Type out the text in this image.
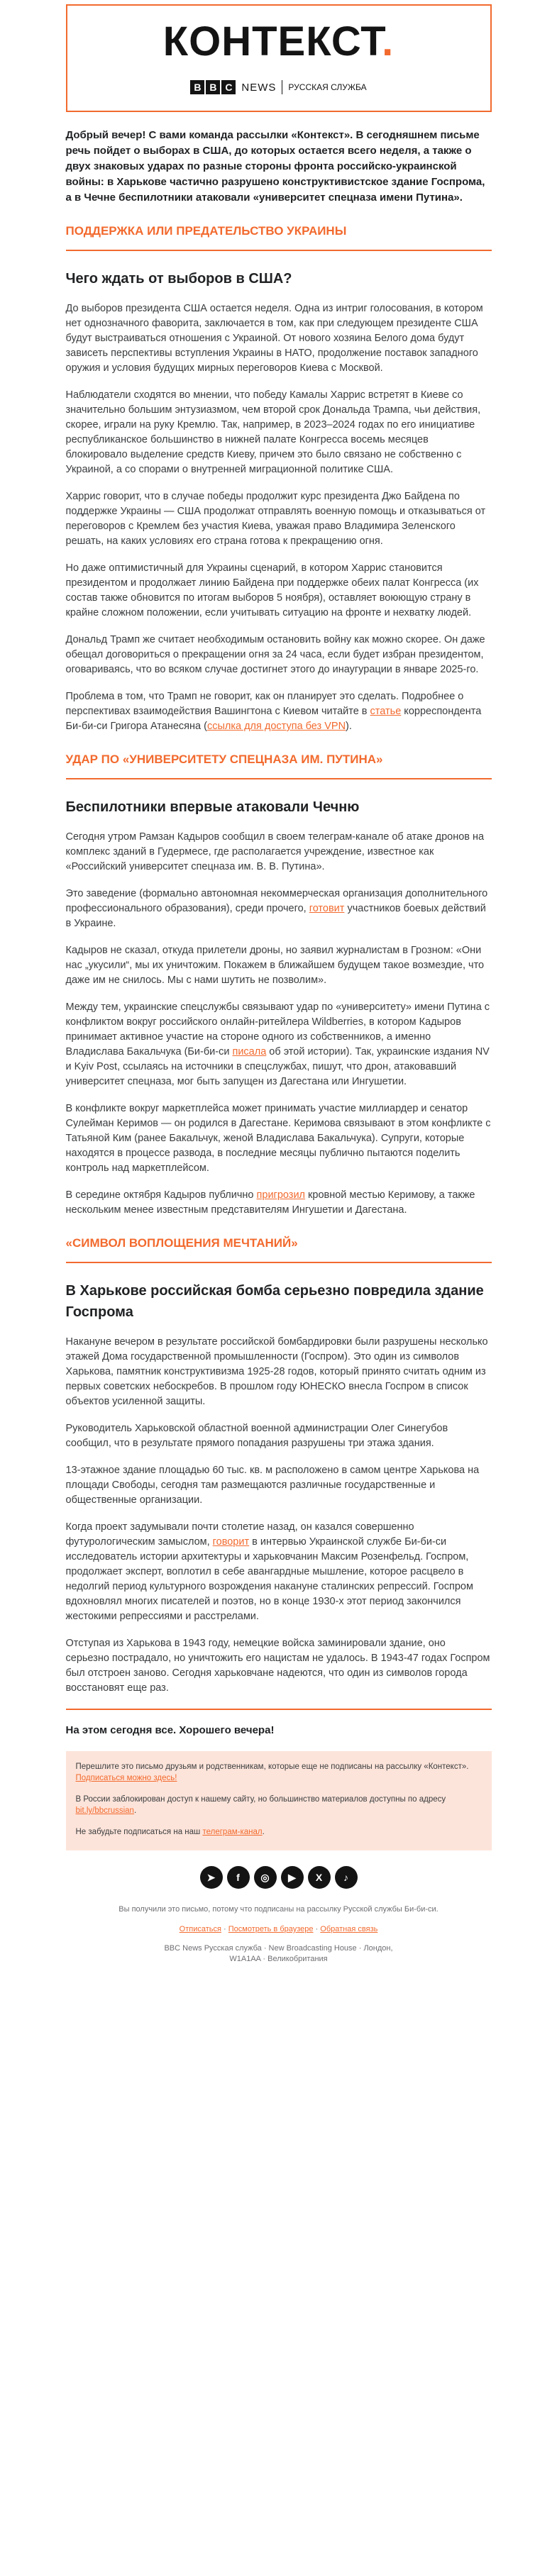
КОНТЕКСТ.
B B C NEWS РУССКАЯ СЛУЖБА

Добрый вечер! С вами команда рассылки «Контекст». В сегодняшнем письме речь пойдет о выборах в США, до которых остается всего неделя, а также о двух знаковых ударах по разные стороны фронта российско-украинской войны: в Харькове частично разрушено конструктивистское здание Госпрома, а в Чечне беспилотники атаковали «университет спецназа имени Путина».

ПОДДЕРЖКА ИЛИ ПРЕДАТЕЛЬСТВО УКРАИНЫ
Чего ждать от выборов в США?

До выборов президента США остается неделя. Одна из интриг голосования, в котором нет однозначного фаворита, заключается в том, как при следующем президенте США будут выстраиваться отношения с Украиной. От нового хозяина Белого дома будут зависеть перспективы вступления Украины в НАТО, продолжение поставок западного оружия и условия будущих мирных переговоров Киева с Москвой.

Наблюдатели сходятся во мнении, что победу Камалы Харрис встретят в Киеве со значительно большим энтузиазмом, чем второй срок Дональда Трампа, чьи действия, скорее, играли на руку Кремлю. Так, например, в 2023–2024 годах по его инициативе республиканское большинство в нижней палате Конгресса восемь месяцев блокировало выделение средств Киеву, причем это было связано не собственно с Украиной, а со спорами о внутренней миграционной политике США.

Харрис говорит, что в случае победы продолжит курс президента Джо Байдена по поддержке Украины — США продолжат отправлять военную помощь и отказываться от переговоров с Кремлем без участия Киева, уважая право Владимира Зеленского решать, на каких условиях его страна готова к прекращению огня.

Но даже оптимистичный для Украины сценарий, в котором Харрис становится президентом и продолжает линию Байдена при поддержке обеих палат Конгресса (их состав также обновится по итогам выборов 5 ноября), оставляет воюющую страну в крайне сложном положении, если учитывать ситуацию на фронте и нехватку людей.

Дональд Трамп же считает необходимым остановить войну как можно скорее. Он даже обещал договориться о прекращении огня за 24 часа, если будет избран президентом, оговариваясь, что во всяком случае достигнет этого до инаугурации в январе 2025-го.

Проблема в том, что Трамп не говорит, как он планирует это сделать. Подробнее о перспективах взаимодействия Вашингтона с Киевом читайте в статье корреспондента Би-би-си Григора Атанесяна (ссылка для доступа без VPN).

УДАР ПО «УНИВЕРСИТЕТУ СПЕЦНАЗА ИМ. ПУТИНА»
Беспилотники впервые атаковали Чечню

Сегодня утром Рамзан Кадыров сообщил в своем телеграм-канале об атаке дронов на комплекс зданий в Гудермесе, где располагается учреждение, известное как «Российский университет спецназа им. В. В. Путина».

Это заведение (формально автономная некоммерческая организация дополнительного профессионального образования), среди прочего, готовит участников боевых действий в Украине.

Кадыров не сказал, откуда прилетели дроны, но заявил журналистам в Грозном: «Они нас „укусили“, мы их уничтожим. Покажем в ближайшем будущем такое возмездие, что даже им не снилось. Мы с нами шутить не позволим».

Между тем, украинские спецслужбы связывают удар по «университету» имени Путина с конфликтом вокруг российского онлайн-ритейлера Wildberries, в котором Кадыров принимает активное участие на стороне одного из собственников, а именно Владислава Бакальчука (Би-би-си писала об этой истории). Так, украинские издания NV и Kyiv Post, ссылаясь на источники в спецслужбах, пишут, что дрон, атаковавший университет спецназа, мог быть запущен из Дагестана или Ингушетии.

В конфликте вокруг маркетплейса может принимать участие миллиардер и сенатор Сулейман Керимов — он родился в Дагестане. Керимова связывают в этом конфликте с Татьяной Ким (ранее Бакальчук, женой Владислава Бакальчука). Супруги, которые находятся в процессе развода, в последние месяцы публично пытаются поделить контроль над маркетплейсом.

В середине октября Кадыров публично пригрозил кровной местью Керимову, а также нескольким менее известным представителям Ингушетии и Дагестана.

«СИМВОЛ ВОПЛОЩЕНИЯ МЕЧТАНИЙ»
В Харькове российская бомба серьезно повредила здание Госпрома

Накануне вечером в результате российской бомбардировки были разрушены несколько этажей Дома государственной промышленности (Госпром). Это один из символов Харькова, памятник конструктивизма 1925-28 годов, который принято считать одним из первых советских небоскребов. В прошлом году ЮНЕСКО внесла Госпром в список объектов усиленной защиты.

Руководитель Харьковской областной военной администрации Олег Синегубов сообщил, что в результате прямого попадания разрушены три этажа здания.

13-этажное здание площадью 60 тыс. кв. м расположено в самом центре Харькова на площади Свободы, сегодня там размещаются различные государственные и общественные организации.

Когда проект задумывали почти столетие назад, он казался совершенно футурологическим замыслом, говорит в интервью Украинской службе Би-би-си исследователь истории архитектуры и харьковчанин Максим Розенфельд. Госпром, продолжает эксперт, воплотил в себе авангардные мышление, которое расцвело в недолгий период культурного возрождения накануне сталинских репрессий. Госпром вдохновлял многих писателей и поэтов, но в конце 1930-х этот период закончился жестокими репрессиями и расстрелами.

Отступая из Харькова в 1943 году, немецкие войска заминировали здание, оно серьезно пострадало, но уничтожить его нацистам не удалось. В 1943-47 годах Госпром был отстроен заново. Сегодня харьковчане надеются, что один из символов города восстановят еще раз.

На этом сегодня все. Хорошего вечера!

Перешлите это письмо друзьям и родственникам, которые еще не подписаны на рассылку «Контекст». Подписаться можно здесь!

В России заблокирован доступ к нашему сайту, но большинство материалов доступны по адресу bit.ly/bbcrussian.

Не забудьте подписаться на наш телеграм-канал.

➤	f	◎	▶	X	♪

Вы получили это письмо, потому что подписаны на рассылку Русской службы Би-би-си.

Отписаться · Посмотреть в браузере · Обратная связь

BBC News Русская служба · New Broadcasting House · Лондон, W1A1AA · Великобритания
